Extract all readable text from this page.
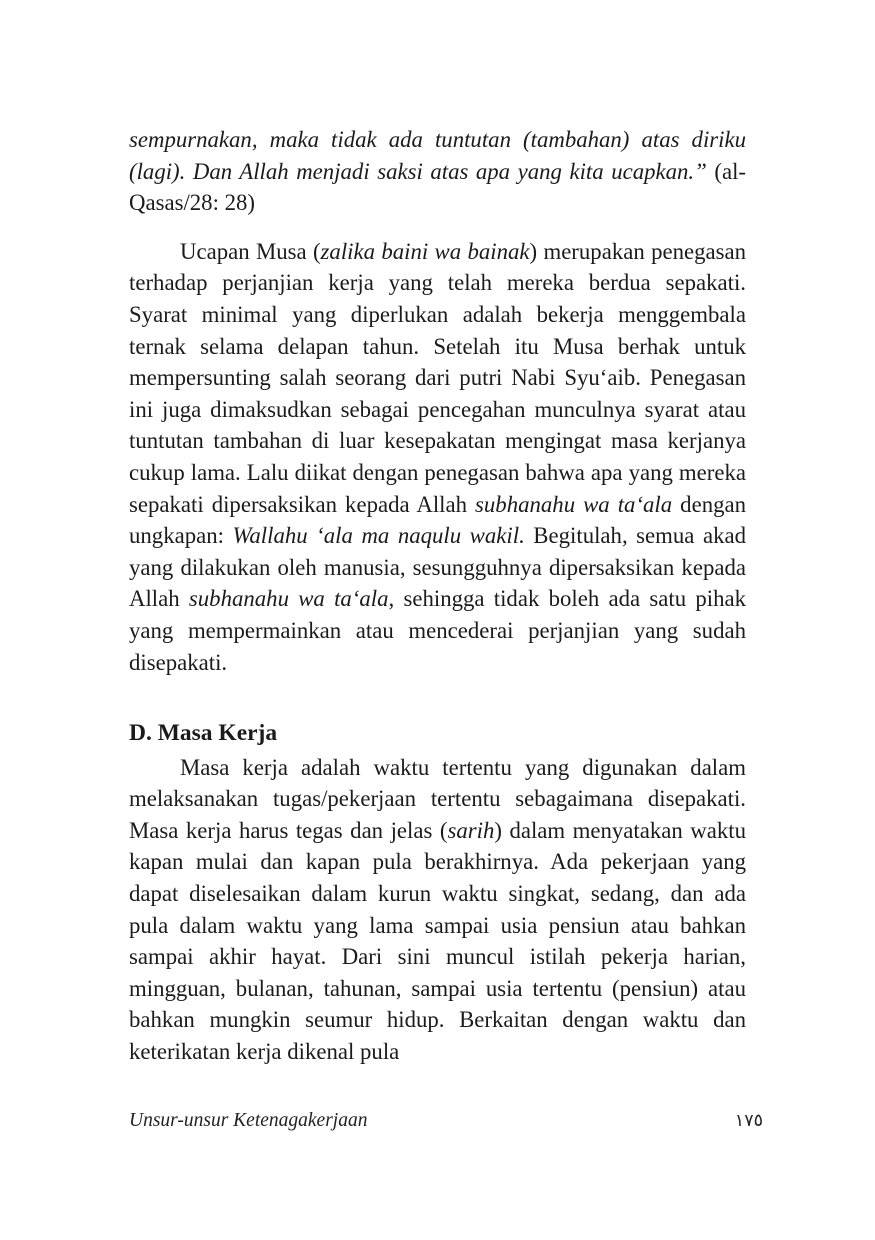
sempurnakan, maka tidak ada tuntutan (tambahan) atas diriku (lagi). Dan Allah menjadi saksi atas apa yang kita ucapkan.” (al-Qasas/28: 28)

Ucapan Musa (zalika baini wa bainak) merupakan penegasan terhadap perjanjian kerja yang telah mereka berdua sepakati. Syarat minimal yang diperlukan adalah bekerja menggembala ternak selama delapan tahun. Setelah itu Musa berhak untuk mempersunting salah seorang dari putri Nabi Syu‘aib. Penegasan ini juga dimaksudkan sebagai pencegahan munculnya syarat atau tuntutan tambahan di luar kesepakatan mengingat masa kerjanya cukup lama. Lalu diikat dengan penegasan bahwa apa yang mereka sepakati dipersaksikan kepada Allah subhanahu wa ta‘ala dengan ungkapan: Wallahu ‘ala ma naqulu wakil. Begitulah, semua akad yang dilakukan oleh manusia, sesungguhnya dipersaksikan kepada Allah subhanahu wa ta‘ala, sehingga tidak boleh ada satu pihak yang mempermainkan atau mencederai perjanjian yang sudah disepakati.

D. Masa Kerja

Masa kerja adalah waktu tertentu yang digunakan dalam melaksanakan tugas/pekerjaan tertentu sebagaimana disepakati. Masa kerja harus tegas dan jelas (sarih) dalam menyatakan waktu kapan mulai dan kapan pula berakhirnya. Ada pekerjaan yang dapat diselesaikan dalam kurun waktu singkat, sedang, dan ada pula dalam waktu yang lama sampai usia pensiun atau bahkan sampai akhir hayat. Dari sini muncul istilah pekerja harian, mingguan, bulanan, tahunan, sampai usia tertentu (pensiun) atau bahkan mungkin seumur hidup. Berkaitan dengan waktu dan keterikatan kerja dikenal pula

Unsur-unsur Ketenagakerjaan	١٧٥
